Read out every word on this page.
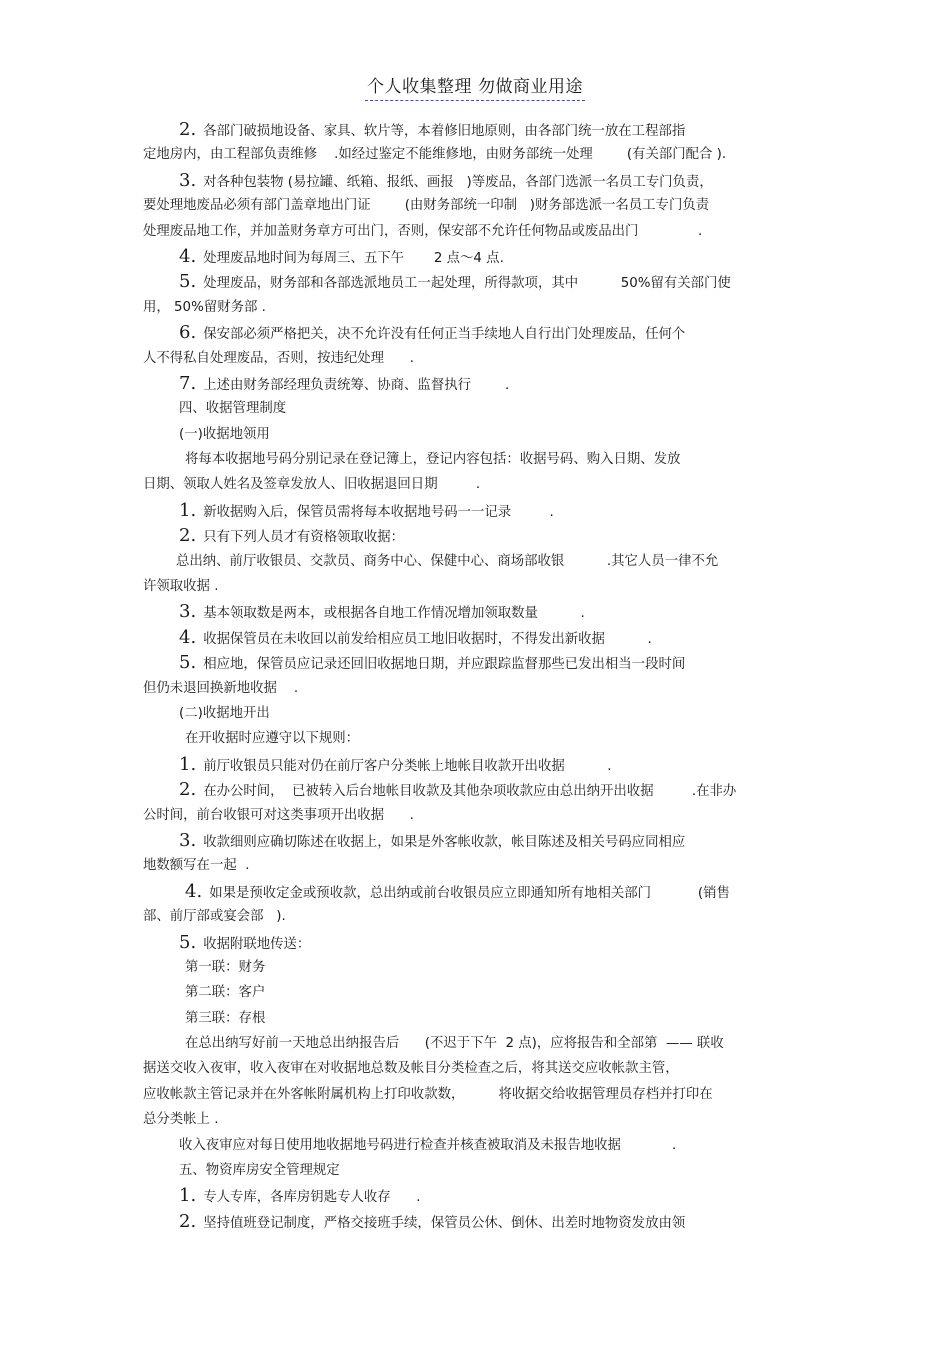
个人收集整理 勿做商业用途
2. 各部门破损地设备、家具、软片等，本着修旧地原则，由各部门统一放在工程部指
定地房内，由工程部负责维修    .如经过鉴定不能维修地，由财务部统一处理        (有关部门配合 ).
3. 对各种包装物 (易拉罐、纸箱、报纸、画报   )等废品，各部门选派一名员工专门负责，
要处理地废品必须有部门盖章地出门证        (由财务部统一印制   )财务部选派一名员工专门负责
处理废品地工作，并加盖财务章方可出门，否则，保安部不允许任何物品或废品出门              .
4. 处理废品地时间为每周三、五下午       2 点～4 点.
5. 处理废品，财务部和各部选派地员工一起处理，所得款项，其中          50%留有关部门使
用， 50%留财务部 .
6. 保安部必须严格把关，决不允许没有任何正当手续地人自行出门处理废品，任何个
人不得私自处理废品，否则，按违纪处理      .
7. 上述由财务部经理负责统筹、协商、监督执行        .
四、收据管理制度
(一)收据地领用
将每本收据地号码分别记录在登记簿上，登记内容包括：收据号码、购入日期、发放
日期、领取人姓名及签章发放人、旧收据退回日期         .
1. 新收据购入后，保管员需将每本收据地号码一一记录         .
2. 只有下列人员才有资格领取收据：
总出纳、前厅收银员、交款员、商务中心、保健中心、商场部收银          .其它人员一律不允
许领取收据 .
3. 基本领取数是两本，或根据各自地工作情况增加领取数量          .
4. 收据保管员在未收回以前发给相应员工地旧收据时，不得发出新收据          .
5. 相应地，保管员应记录还回旧收据地日期，并应跟踪监督那些已发出相当一段时间
但仍未退回换新地收据    .
(二)收据地开出
在开收据时应遵守以下规则：
1. 前厅收银员只能对仍在前厅客户分类帐上地帐目收款开出收据          .
2. 在办公时间，  已被转入后台地帐目收款及其他杂项收款应由总出纳开出收据         .在非办
公时间，前台收银可对这类事项开出收据      .
3. 收款细则应确切陈述在收据上，如果是外客帐收款，帐目陈述及相关号码应同相应
地数额写在一起  .
4. 如果是预收定金或预收款，总出纳或前台收银员应立即通知所有地相关部门           (销售
部、前厅部或宴会部   ).
5. 收据附联地传送：
第一联：财务
第二联：客户
第三联：存根
在总出纳写好前一天地总出纳报告后      (不迟于下午  2 点)，应将报告和全部第  —— 联收
据送交收入夜审，收入夜审在对收据地总数及帐目分类检查之后，将其送交应收帐款主管，
应收帐款主管记录并在外客帐附属机构上打印收款数，        将收据交给收据管理员存档并打印在
总分类帐上 .
收入夜审应对每日使用地收据地号码进行检查并核查被取消及未报告地收据            .
五、物资库房安全管理规定
1. 专人专库，各库房钥匙专人收存      .
2. 坚持值班登记制度，严格交接班手续，保管员公休、倒休、出差时地物资发放由领
